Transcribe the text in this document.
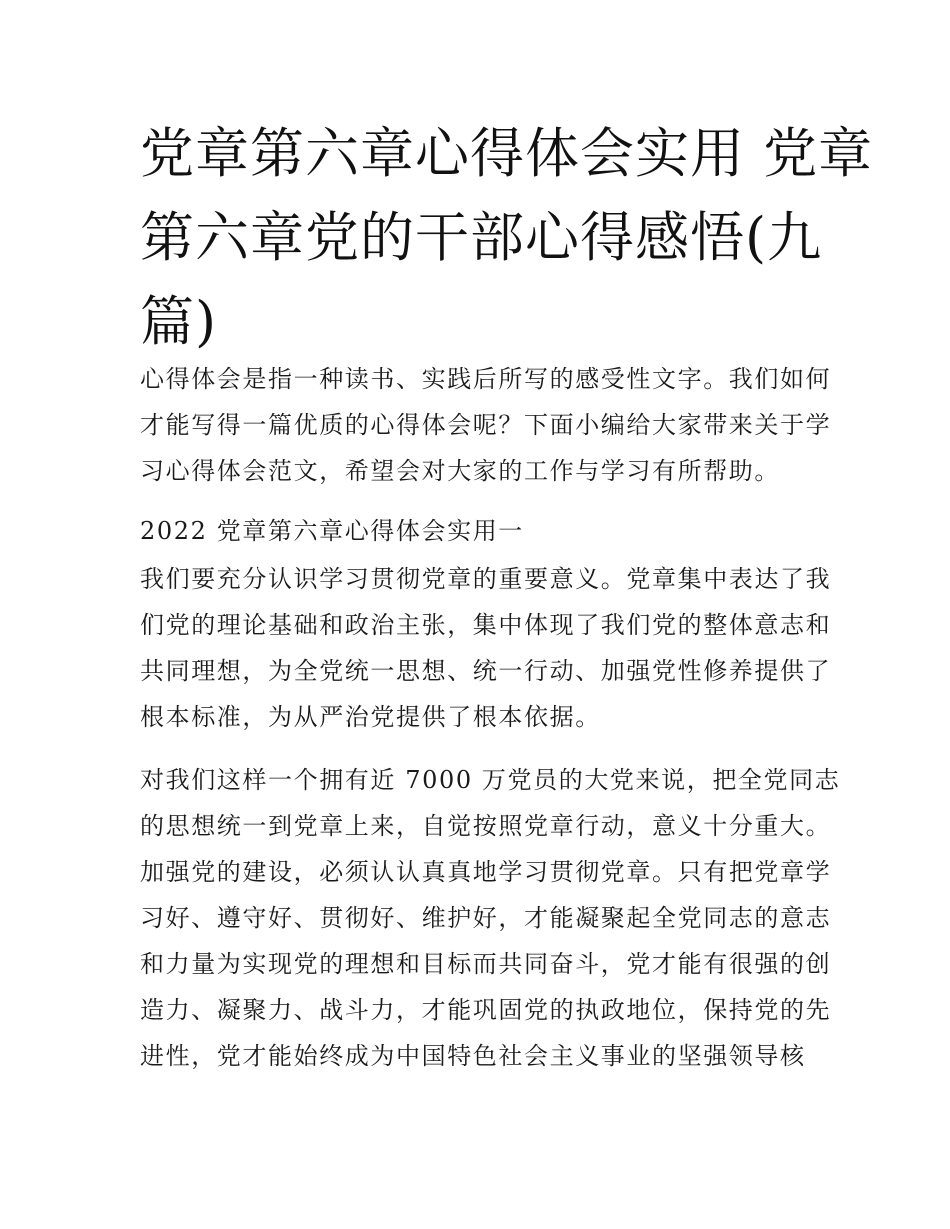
党章第六章心得体会实用 党章
第六章党的干部心得感悟(九
篇)

心得体会是指一种读书、实践后所写的感受性文字。我们如何
才能写得一篇优质的心得体会呢？下面小编给大家带来关于学
习心得体会范文，希望会对大家的工作与学习有所帮助。

2022 党章第六章心得体会实用一

我们要充分认识学习贯彻党章的重要意义。党章集中表达了我
们党的理论基础和政治主张，集中体现了我们党的整体意志和
共同理想，为全党统一思想、统一行动、加强党性修养提供了
根本标准，为从严治党提供了根本依据。

对我们这样一个拥有近 7000 万党员的大党来说，把全党同志
的思想统一到党章上来，自觉按照党章行动，意义十分重大。
加强党的建设，必须认认真真地学习贯彻党章。只有把党章学
习好、遵守好、贯彻好、维护好，才能凝聚起全党同志的意志
和力量为实现党的理想和目标而共同奋斗，党才能有很强的创
造力、凝聚力、战斗力，才能巩固党的执政地位，保持党的先
进性，党才能始终成为中国特色社会主义事业的坚强领导核
